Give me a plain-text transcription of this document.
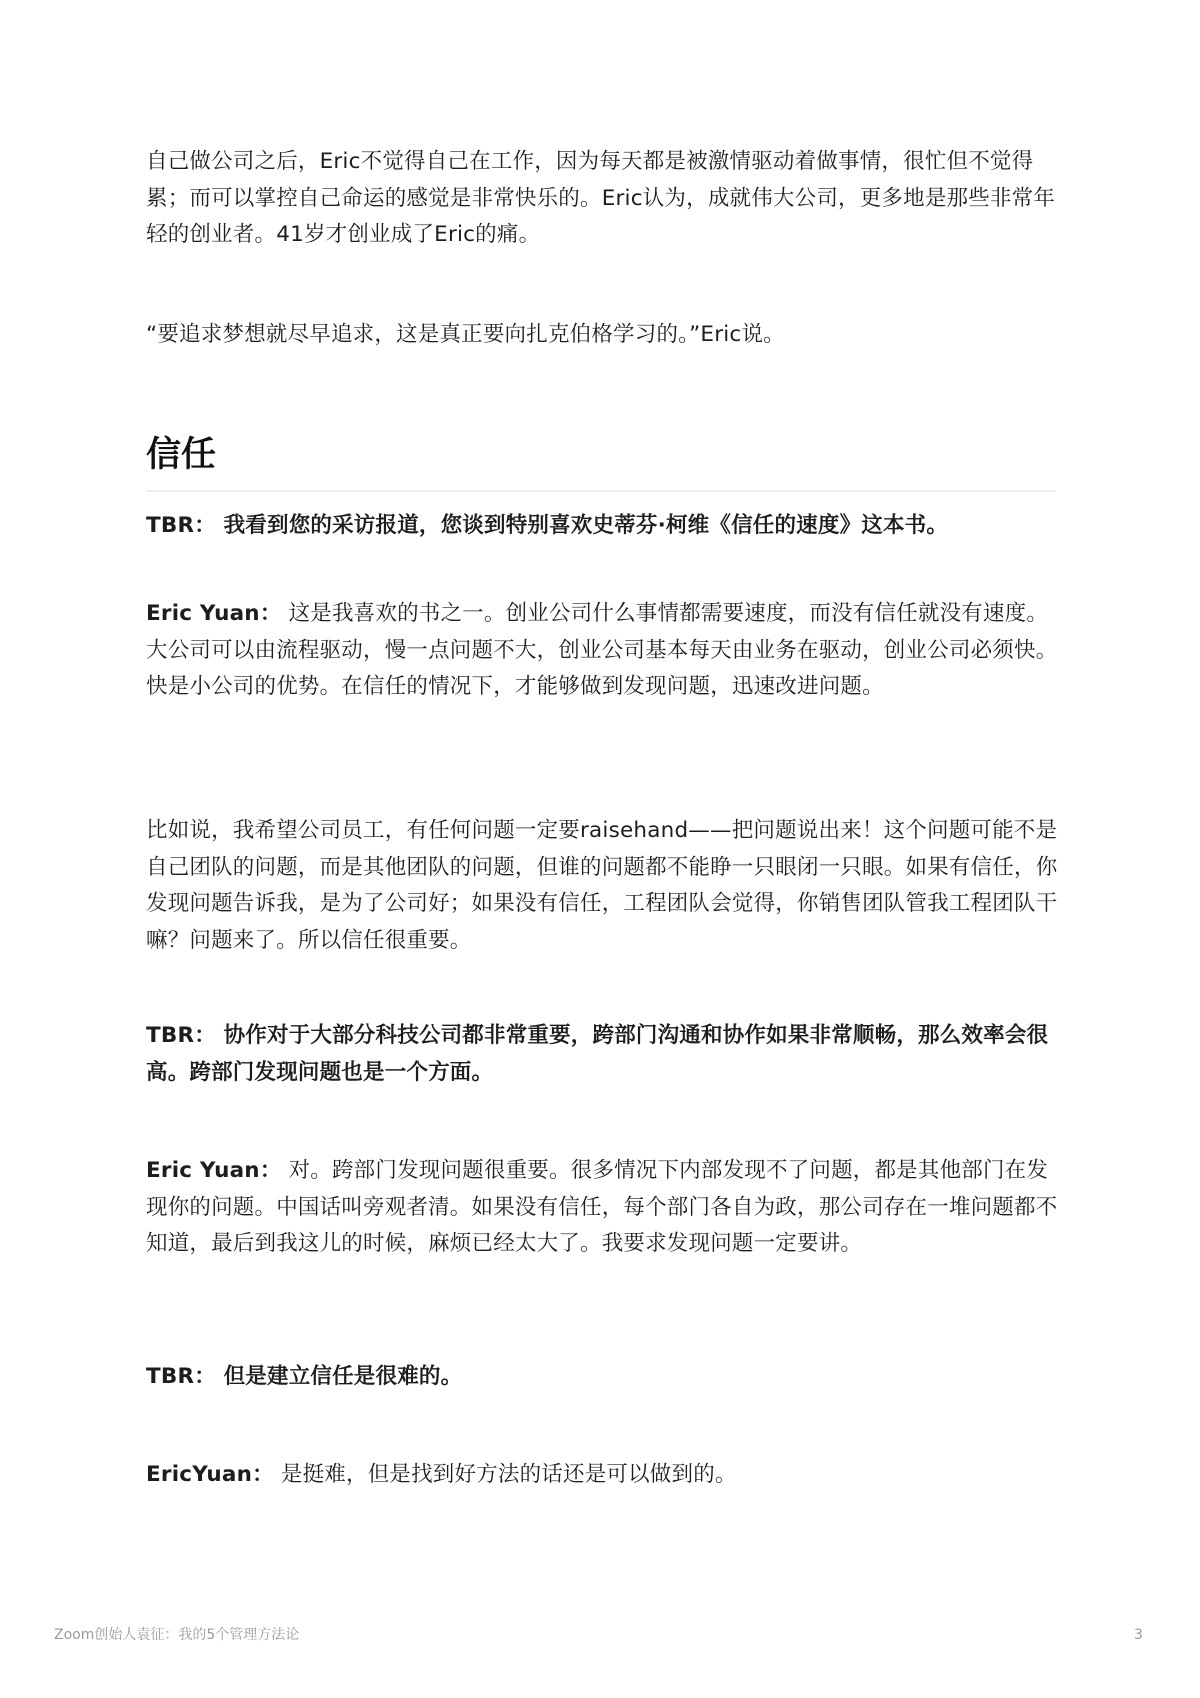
自己做公司之后，Eric不觉得自己在工作，因为每天都是被激情驱动着做事情，很忙但不觉得累；而可以掌控自己命运的感觉是非常快乐的。Eric认为，成就伟大公司，更多地是那些非常年轻的创业者。41岁才创业成了Eric的痛。

“要追求梦想就尽早追求，这是真正要向扎克伯格学习的。”Eric说。

信任

TBR： 我看到您的采访报道，您谈到特别喜欢史蒂芬·柯维《信任的速度》这本书。

Eric Yuan： 这是我喜欢的书之一。创业公司什么事情都需要速度，而没有信任就没有速度。大公司可以由流程驱动，慢一点问题不大，创业公司基本每天由业务在驱动，创业公司必须快。快是小公司的优势。在信任的情况下，才能够做到发现问题，迅速改进问题。

比如说，我希望公司员工，有任何问题一定要raisehand——把问题说出来！这个问题可能不是自己团队的问题，而是其他团队的问题，但谁的问题都不能睁一只眼闭一只眼。如果有信任，你发现问题告诉我，是为了公司好；如果没有信任，工程团队会觉得，你销售团队管我工程团队干嘛？问题来了。所以信任很重要。

TBR： 协作对于大部分科技公司都非常重要，跨部门沟通和协作如果非常顺畅，那么效率会很高。跨部门发现问题也是一个方面。

Eric Yuan： 对。跨部门发现问题很重要。很多情况下内部发现不了问题，都是其他部门在发现你的问题。中国话叫旁观者清。如果没有信任，每个部门各自为政，那公司存在一堆问题都不知道，最后到我这儿的时候，麻烦已经太大了。我要求发现问题一定要讲。

TBR： 但是建立信任是很难的。

EricYuan： 是挺难，但是找到好方法的话还是可以做到的。

Zoom创始人袁征：我的5个管理方法论	3
